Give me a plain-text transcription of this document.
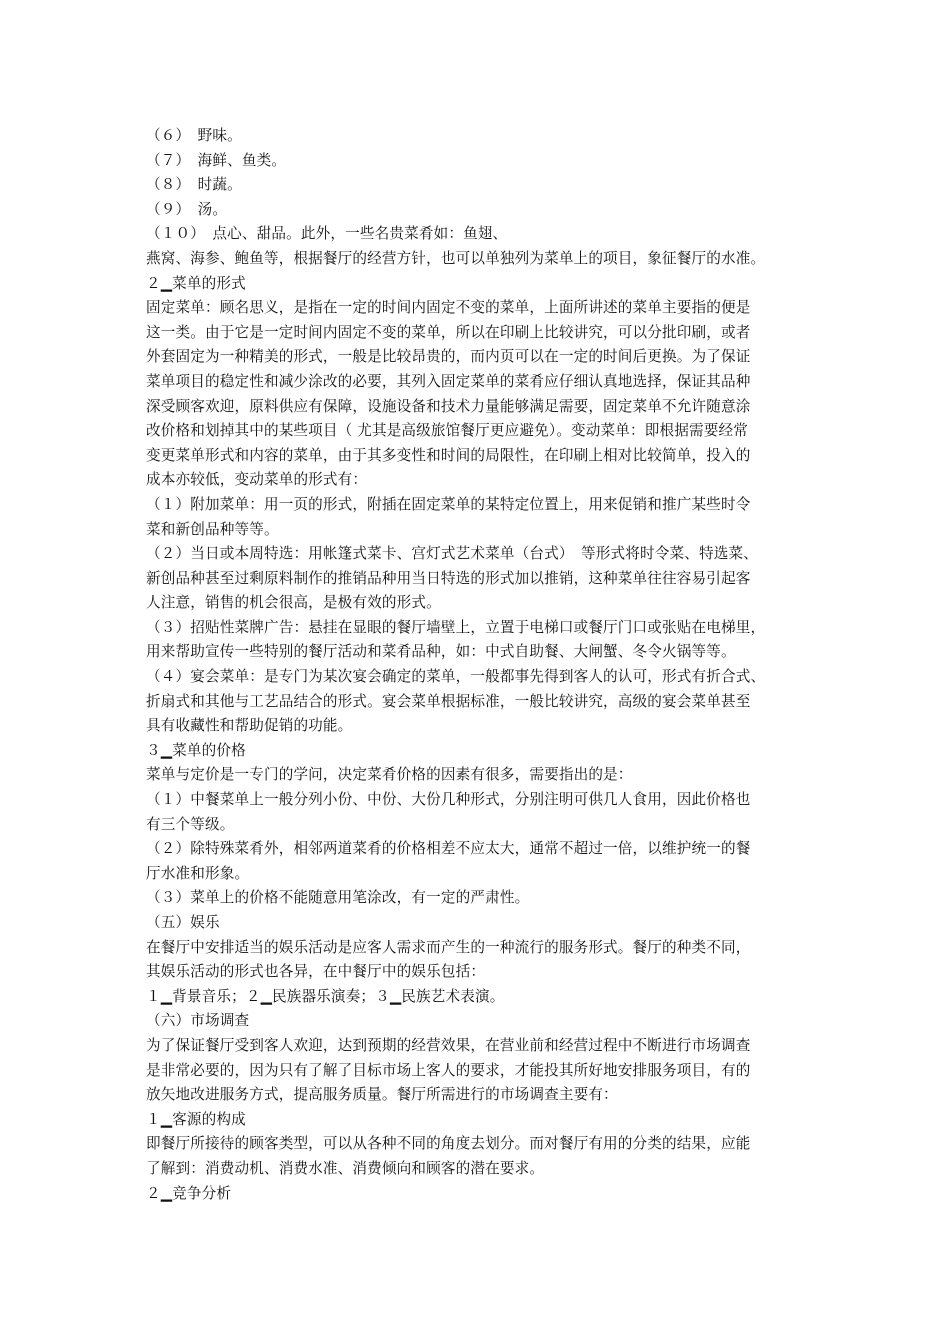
（６）　野味。
（７）　海鲜、鱼类。
（８）　时蔬。
（９）　汤。
（１０）　点心、甜品。此外，一些名贵菜肴如：鱼翅、
燕窝、海参、鲍鱼等，根据餐厅的经营方针，也可以单独列为菜单上的项目，象征餐厅的水准。
２▁菜单的形式
固定菜单：顾名思义，是指在一定的时间内固定不变的菜单，上面所讲述的菜单主要指的便是
这一类。由于它是一定时间内固定不变的菜单，所以在印刷上比较讲究，可以分批印刷，或者
外套固定为一种精美的形式，一般是比较昂贵的，而内页可以在一定的时间后更换。为了保证
菜单项目的稳定性和减少涂改的必要，其列入固定菜单的菜肴应仔细认真地选择，保证其品种
深受顾客欢迎，原料供应有保障，设施设备和技术力量能够满足需要，固定菜单不允许随意涂
改价格和划掉其中的某些项目（ 尤其是高级旅馆餐厅更应避免）。变动菜单：即根据需要经常
变更菜单形式和内容的菜单，由于其多变性和时间的局限性，在印刷上相对比较简单，投入的
成本亦较低，变动菜单的形式有：
（１）附加菜单：用一页的形式，附插在固定菜单的某特定位置上，用来促销和推广某些时令
菜和新创品种等等。
（２）当日或本周特选：用帐篷式菜卡、宫灯式艺术菜单（台式）　等形式将时令菜、特选菜、
新创品种甚至过剩原料制作的推销品种用当日特选的形式加以推销，这种菜单往往容易引起客
人注意，销售的机会很高，是极有效的形式。
（３）招贴性菜牌广告：悬挂在显眼的餐厅墙壁上，立置于电梯口或餐厅门口或张贴在电梯里，
用来帮助宣传一些特别的餐厅活动和菜肴品种，如：中式自助餐、大闸蟹、冬令火锅等等。
（４）宴会菜单：是专门为某次宴会确定的菜单，一般都事先得到客人的认可，形式有折合式、
折扇式和其他与工艺品结合的形式。宴会菜单根据标准，一般比较讲究，高级的宴会菜单甚至
具有收藏性和帮助促销的功能。
３▁菜单的价格
菜单与定价是一专门的学问，决定菜肴价格的因素有很多，需要指出的是：
（１）中餐菜单上一般分列小份、中份、大份几种形式，分别注明可供几人食用，因此价格也
有三个等级。
（２）除特殊菜肴外，相邻两道菜肴的价格相差不应太大，通常不超过一倍，以维护统一的餐
厅水准和形象。
（３）菜单上的价格不能随意用笔涂改，有一定的严肃性。
（五）娱乐
在餐厅中安排适当的娱乐活动是应客人需求而产生的一种流行的服务形式。餐厅的种类不同，
其娱乐活动的形式也各异，在中餐厅中的娱乐包括：
１▁背景音乐；２▁民族器乐演奏；３▁民族艺术表演。
（六）市场调查
为了保证餐厅受到客人欢迎，达到预期的经营效果，在营业前和经营过程中不断进行市场调查
是非常必要的，因为只有了解了目标市场上客人的要求，才能投其所好地安排服务项目，有的
放矢地改进服务方式，提高服务质量。餐厅所需进行的市场调查主要有：
１▁客源的构成
即餐厅所接待的顾客类型，可以从各种不同的角度去划分。而对餐厅有用的分类的结果，应能
了解到：消费动机、消费水准、消费倾向和顾客的潜在要求。
２▁竞争分析
